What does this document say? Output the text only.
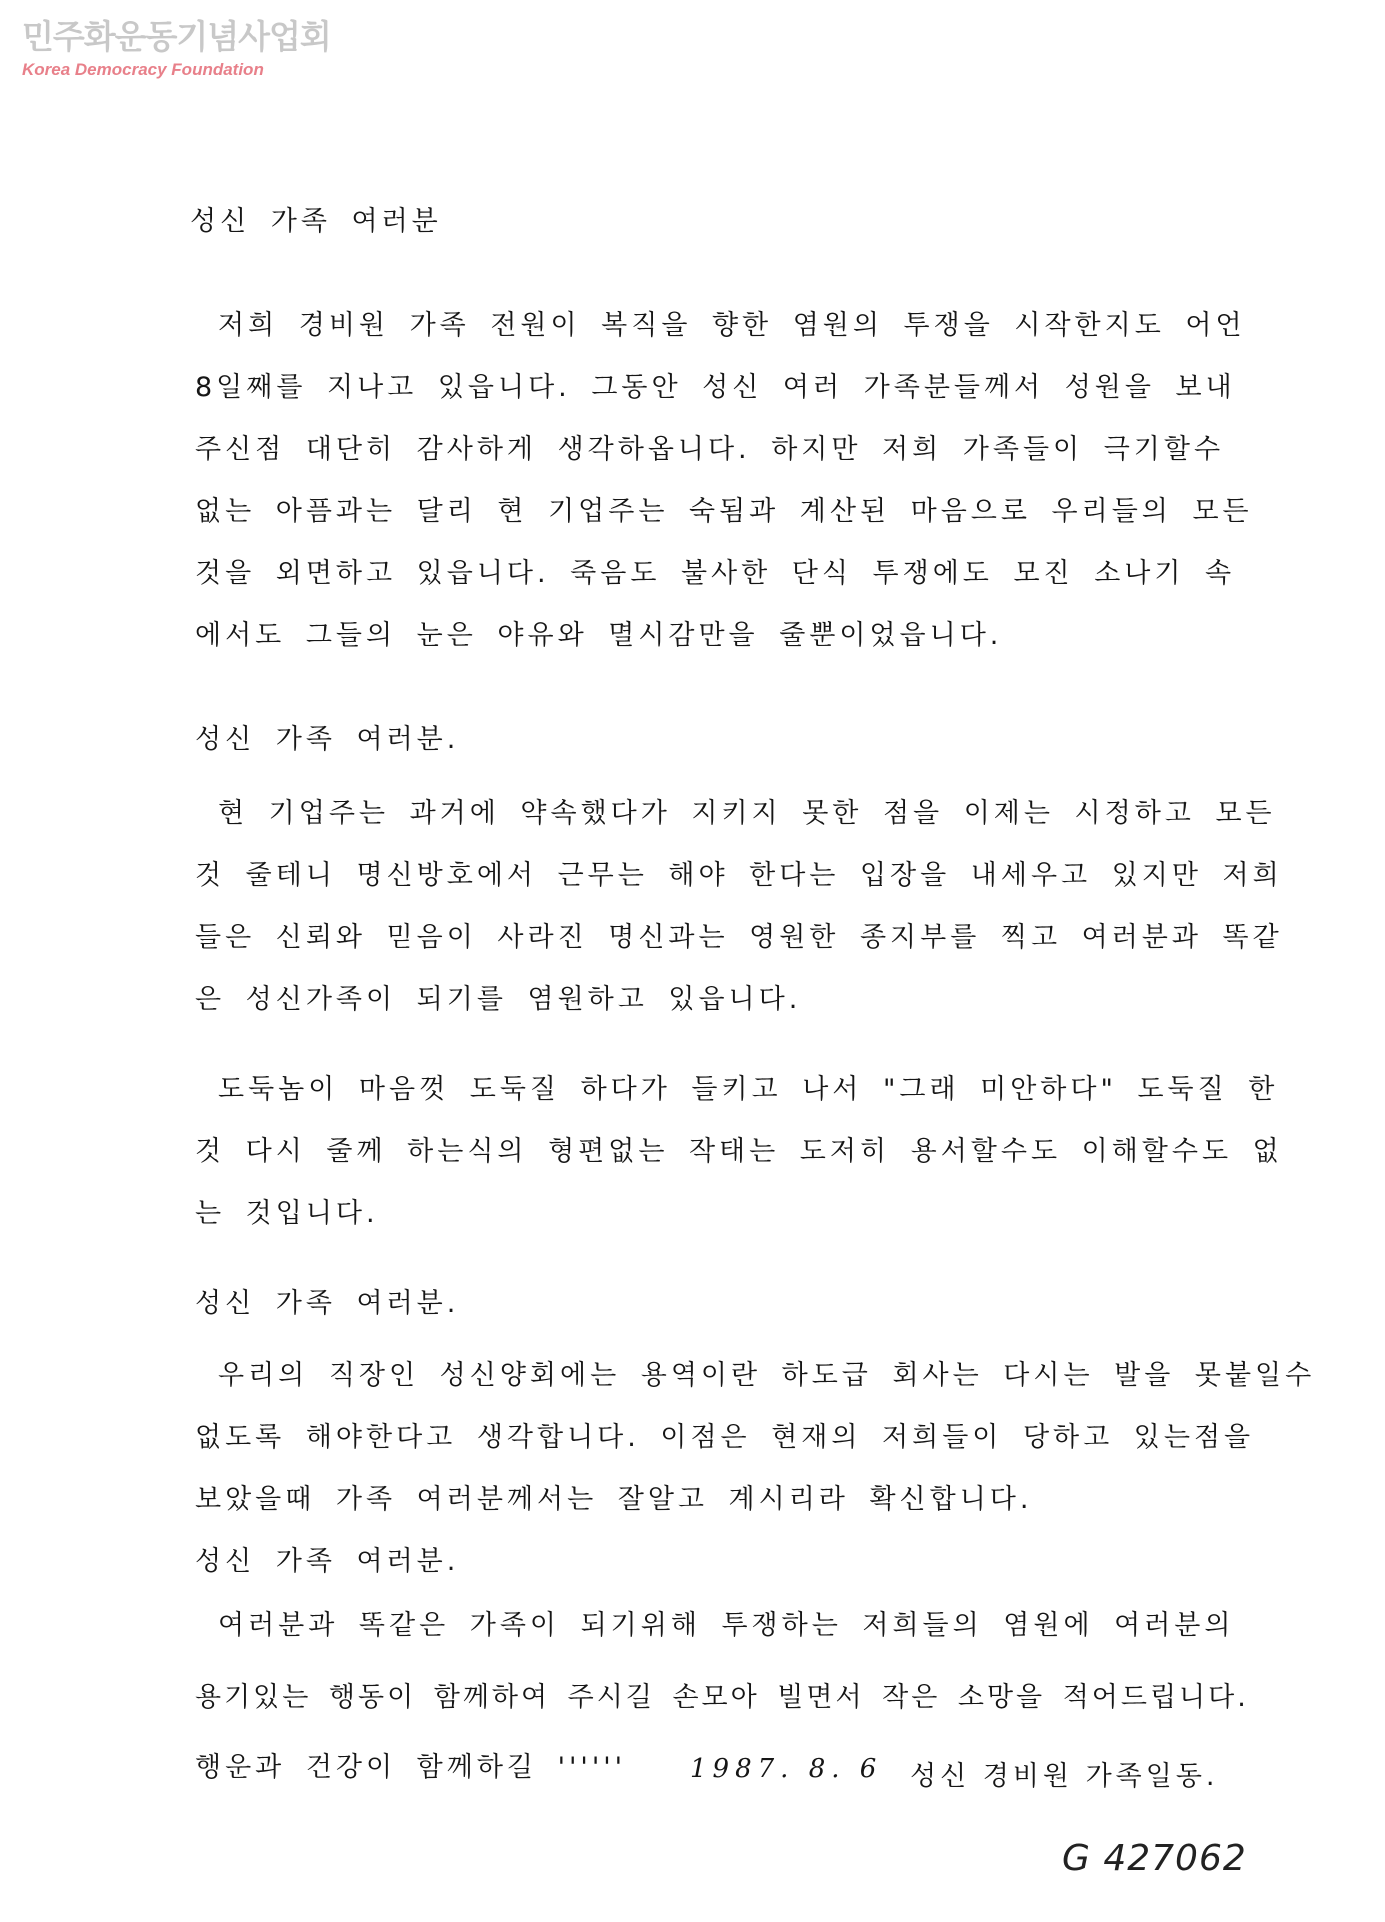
민주화운동기념사업회
Korea Democracy Foundation
성신 가족 여러분
저희 경비원 가족 전원이 복직을 향한 염원의 투쟁을 시작한지도 어언
8일째를 지나고 있읍니다. 그동안 성신 여러 가족분들께서 성원을 보내
주신점 대단히 감사하게 생각하옵니다. 하지만 저희 가족들이 극기할수
없는 아픔과는 달리 현 기업주는 숙됨과 계산된 마음으로 우리들의 모든
것을 외면하고 있읍니다. 죽음도 불사한 단식 투쟁에도 모진 소나기 속
에서도 그들의 눈은 야유와 멸시감만을 줄뿐이었읍니다.
성신 가족 여러분.
현 기업주는 과거에 약속했다가 지키지 못한 점을 이제는 시정하고 모든
것 줄테니 명신방호에서 근무는 해야 한다는 입장을 내세우고 있지만 저희
들은 신뢰와 믿음이 사라진 명신과는 영원한 종지부를 찍고 여러분과 똑같
은 성신가족이 되기를 염원하고 있읍니다.
도둑놈이 마음껏 도둑질 하다가 들키고 나서 "그래 미안하다" 도둑질 한
것 다시 줄께 하는식의 형편없는 작태는 도저히 용서할수도 이해할수도 없
는 것입니다.
성신 가족 여러분.
우리의 직장인 성신양회에는 용역이란 하도급 회사는 다시는 발을 못붙일수
없도록 해야한다고 생각합니다. 이점은 현재의 저희들이 당하고 있는점을
보았을때 가족 여러분께서는 잘알고 계시리라 확신합니다.
성신 가족 여러분.
여러분과 똑같은 가족이 되기위해 투쟁하는 저희들의 염원에 여러분의
용기있는 행동이 함께하여 주시길 손모아 빌면서 작은 소망을 적어드립니다.
행운과 건강이 함께하길 '''''' 1987. 8. 6 성신 경비원 가족일동.
G 427062
